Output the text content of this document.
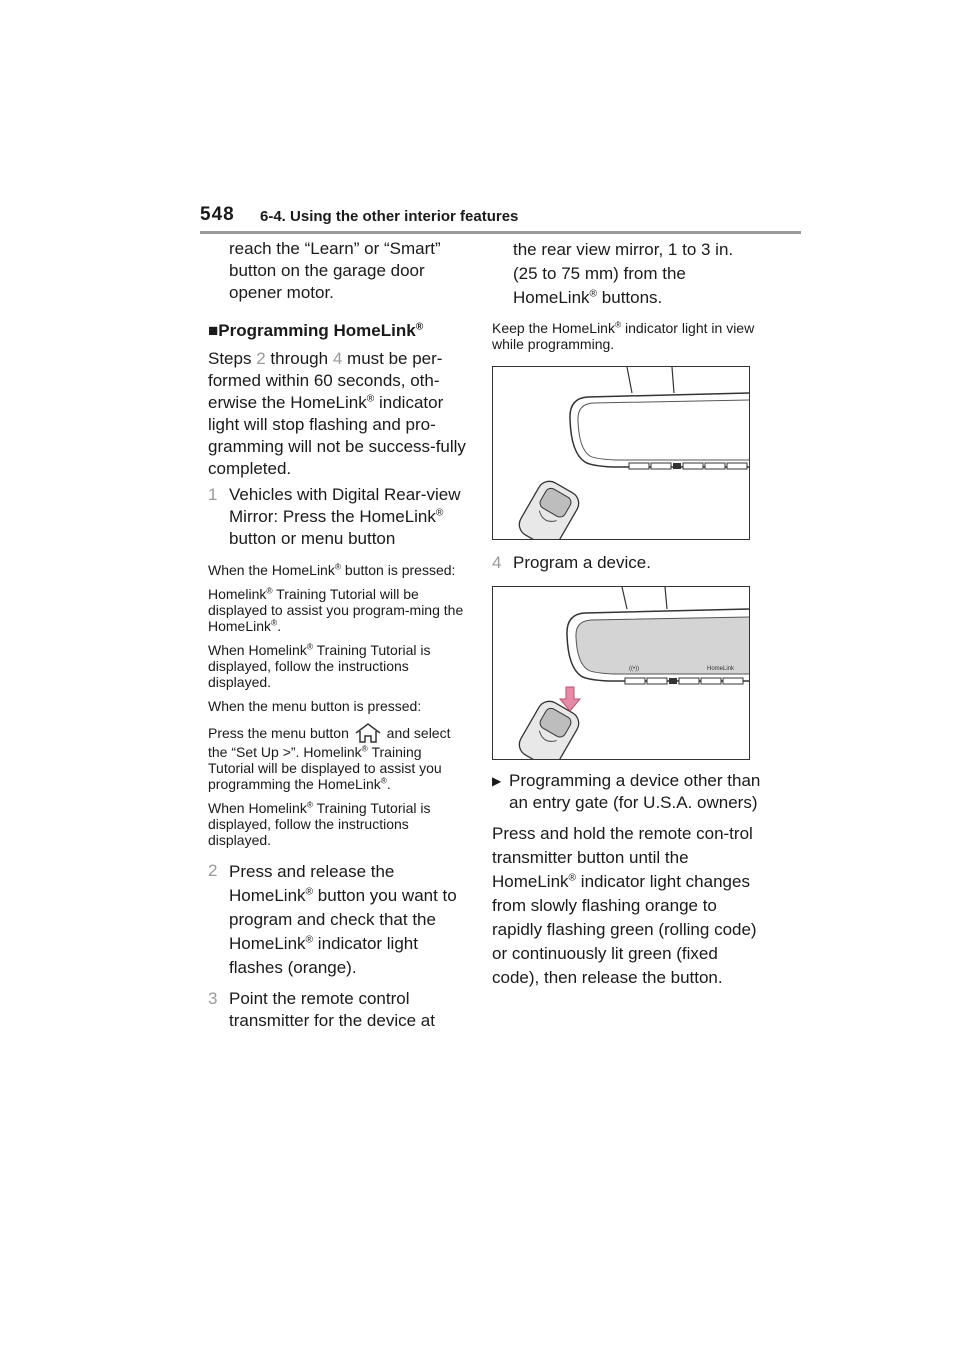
548 6-4. Using the other interior features

reach the “Learn” or “Smart” button on the garage door opener motor.

■Programming HomeLink®

Steps 2 through 4 must be per-formed within 60 seconds, oth-erwise the HomeLink® indicator light will stop flashing and pro-gramming will not be success-fully completed.

1 Vehicles with Digital Rear-view Mirror: Press the HomeLink® button or menu button

When the HomeLink® button is pressed:

Homelink® Training Tutorial will be displayed to assist you program-ming the HomeLink®.

When Homelink® Training Tutorial is displayed, follow the instructions displayed.

When the menu button is pressed:

Press the menu button	and select the “Set Up >”. Homelink® Training Tutorial will be displayed to assist you programming the HomeLink®.

When Homelink® Training Tutorial is displayed, follow the instructions displayed.

2 Press and release the HomeLink® button you want to program and check that the HomeLink® indicator light flashes (orange).

3 Point the remote control transmitter for the device at

the rear view mirror, 1 to 3 in. (25 to 75 mm) from the HomeLink® buttons.

Keep the HomeLink® indicator light in view while programming.

4 Program a device.

((•))	HomeLink
▶ Programming a device other than an entry gate (for U.S.A. owners)

Press and hold the remote con-trol transmitter button until the HomeLink® indicator light changes from slowly flashing orange to rapidly flashing green (rolling code) or continuously lit green (fixed code), then release the button.
